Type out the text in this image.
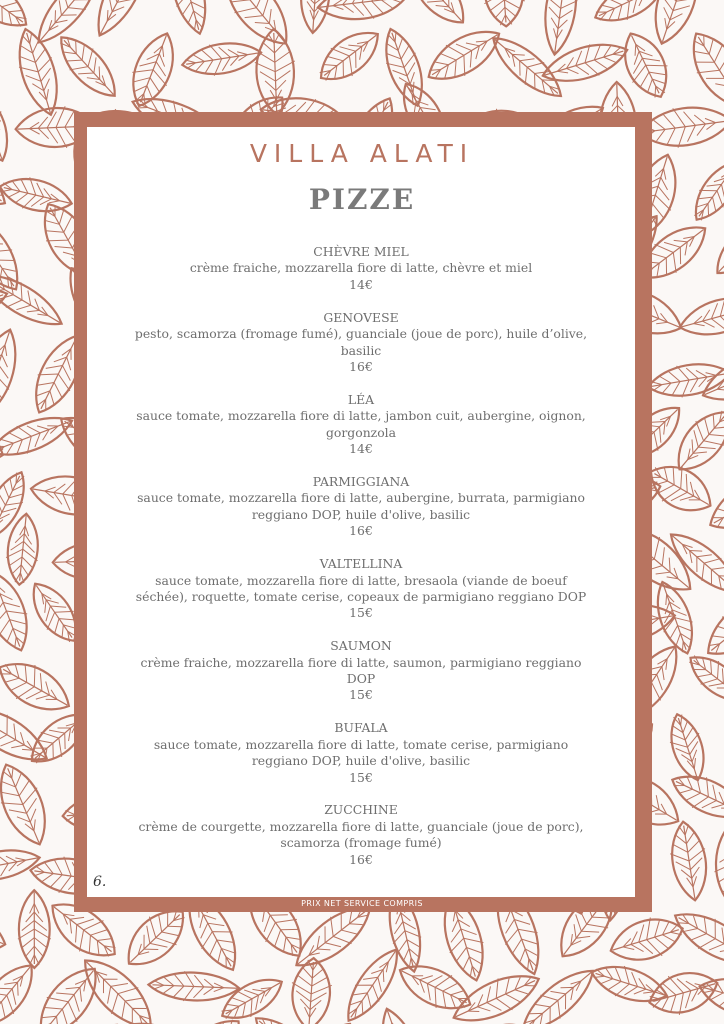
VILLA ALATI
PIZZE
CHÈVRE MIEL
crème fraiche, mozzarella fiore di latte, chèvre et miel
14€
GENOVESE
pesto, scamorza (fromage fumé), guanciale (joue de porc), huile d’olive, basilic
16€
LÉA
sauce tomate, mozzarella fiore di latte, jambon cuit, aubergine, oignon, gorgonzola
14€
PARMIGGIANA
sauce tomate, mozzarella fiore di latte, aubergine, burrata, parmigiano reggiano DOP, huile d'olive, basilic
16€
VALTELLINA
sauce tomate, mozzarella fiore di latte, bresaola (viande de boeuf séchée), roquette, tomate cerise, copeaux de parmigiano reggiano DOP
15€
SAUMON
crème fraiche, mozzarella fiore di latte, saumon, parmigiano reggiano DOP
15€
BUFALA
sauce tomate, mozzarella fiore di latte, tomate cerise, parmigiano reggiano DOP, huile d'olive, basilic
15€
ZUCCHINE
crème de courgette, mozzarella fiore di latte, guanciale (joue de porc), scamorza (fromage fumé)
16€
6.
PRIX NET SERVICE COMPRIS
